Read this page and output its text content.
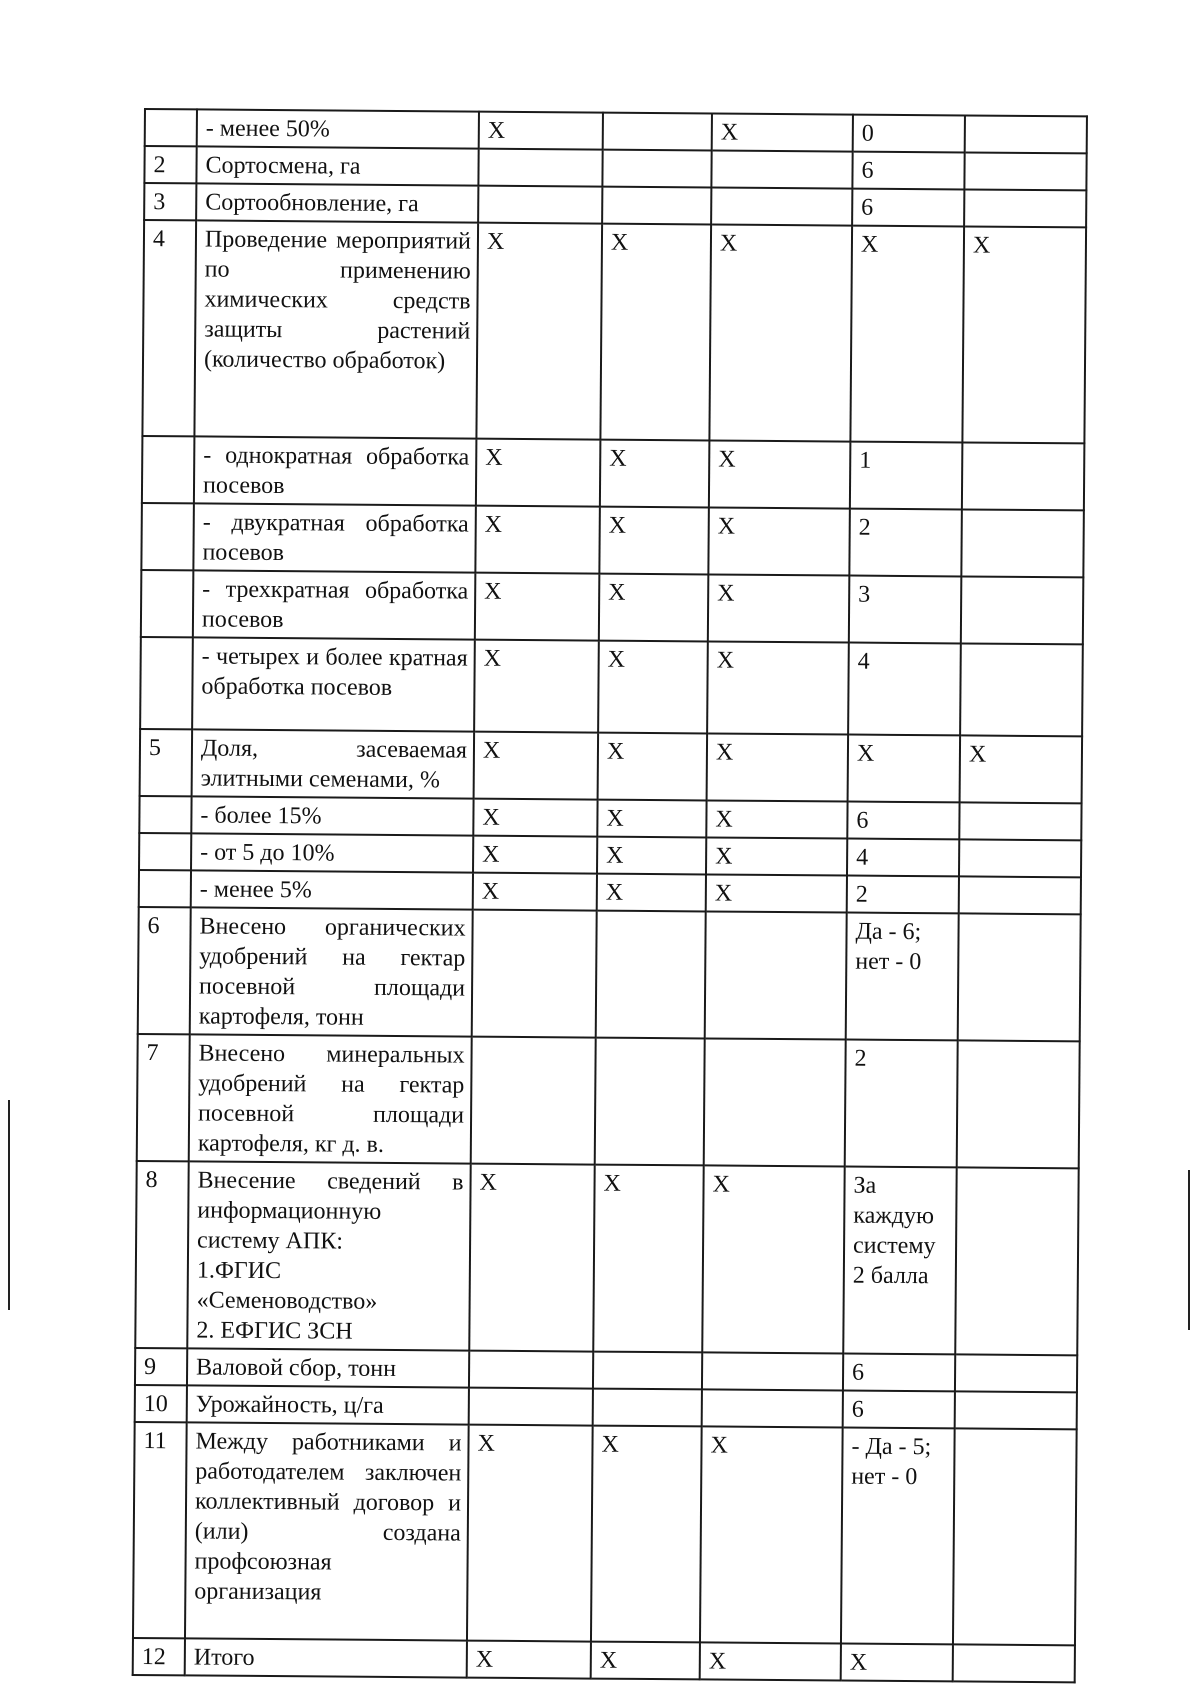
	- менее 50%	Х		Х	0	
2	Сортосмена, га				6	
3	Сортообновление, га				6	
4	Проведение мероприятий по применению химических средств защиты растений (количество обработок)	Х	Х	Х	Х	Х
	- однократная обработка посевов	Х	Х	Х	1	
	- двукратная обработка посевов	Х	Х	Х	2	
	- трехкратная обработка посевов	Х	Х	Х	3	
	- четырех и более кратная обработка посевов	Х	Х	Х	4	
5	Доля, засеваемая элитными семенами, %	Х	Х	Х	Х	Х
	- более 15%	Х	Х	Х	6	
	- от 5 до 10%	Х	Х	Х	4	
	- менее 5%	Х	Х	Х	2	
6	Внесено органических удобрений на гектар посевной площади картофеля, тонн				Да - 6;
нет - 0	
7	Внесено минеральных удобрений на гектар посевной площади картофеля, кг д. в.				2	
8	Внесение сведений в информационную систему АПК:
1.ФГИС «Семеноводство»
2. ЕФГИС ЗСН	Х	Х	Х	За каждую систему 2 балла	
9	Валовой сбор, тонн				6	
10	Урожайность, ц/га				6	
11	Между работниками и работодателем заключен коллективный договор и (или) создана профсоюзная организация	Х	Х	Х	- Да - 5;
нет - 0	
12	Итого	Х	Х	Х	Х	
